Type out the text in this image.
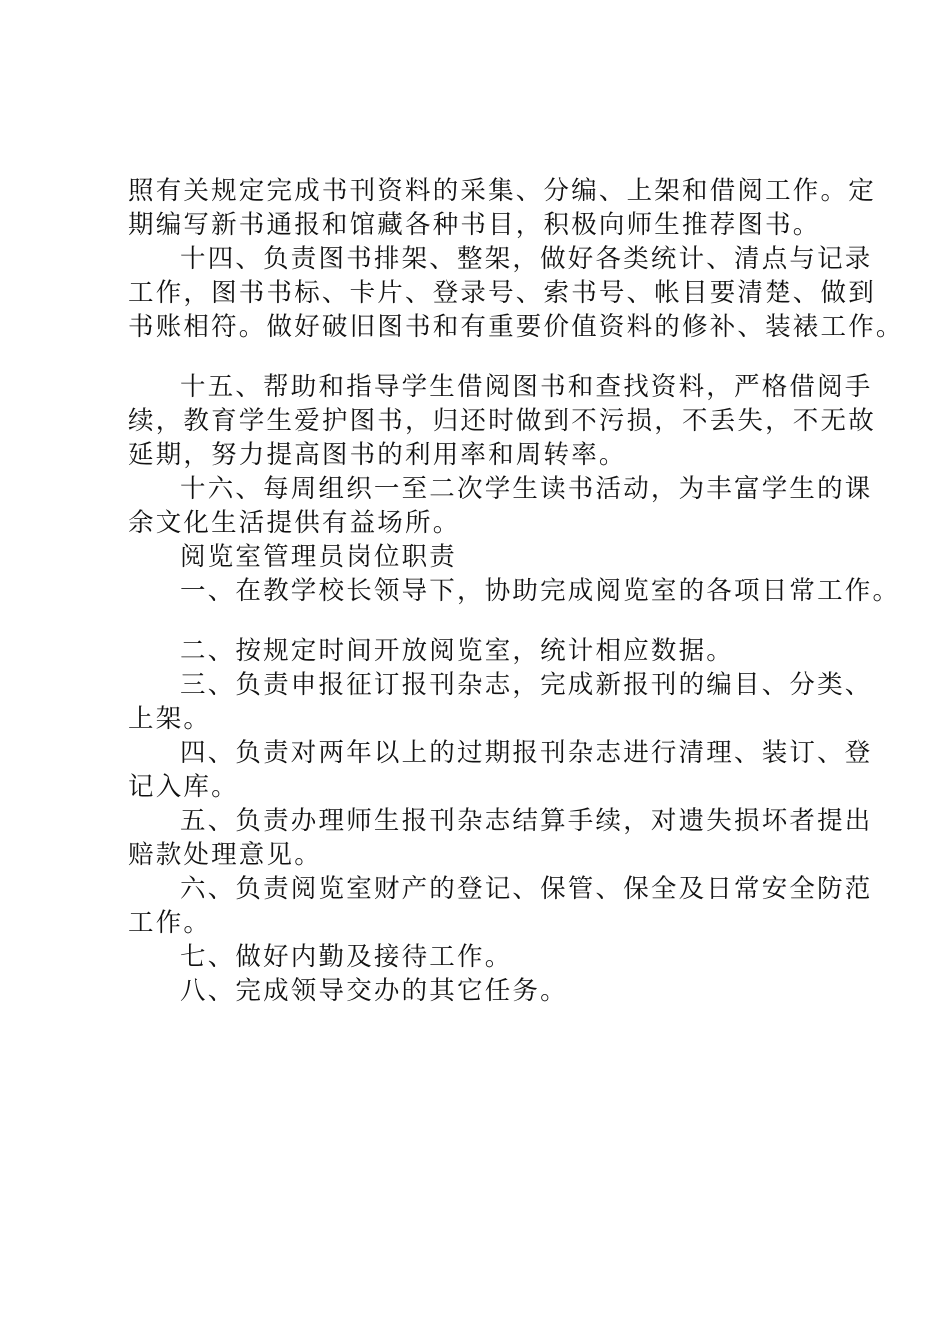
照有关规定完成书刊资料的采集、分编、上架和借阅工作。定
期编写新书通报和馆藏各种书目，积极向师生推荐图书。
十四、负责图书排架、整架，做好各类统计、清点与记录
工作，图书书标、卡片、登录号、索书号、帐目要清楚、做到
书账相符。做好破旧图书和有重要价值资料的修补、装裱工作。
十五、帮助和指导学生借阅图书和查找资料，严格借阅手
续，教育学生爱护图书，归还时做到不污损，不丢失，不无故
延期，努力提高图书的利用率和周转率。
十六、每周组织一至二次学生读书活动，为丰富学生的课
余文化生活提供有益场所。
阅览室管理员岗位职责
一、在教学校长领导下，协助完成阅览室的各项日常工作。
二、按规定时间开放阅览室，统计相应数据。
三、负责申报征订报刊杂志，完成新报刊的编目、分类、
上架。
四、负责对两年以上的过期报刊杂志进行清理、装订、登
记入库。
五、负责办理师生报刊杂志结算手续，对遗失损坏者提出
赔款处理意见。
六、负责阅览室财产的登记、保管、保全及日常安全防范
工作。
七、做好内勤及接待工作。
八、完成领导交办的其它任务。
